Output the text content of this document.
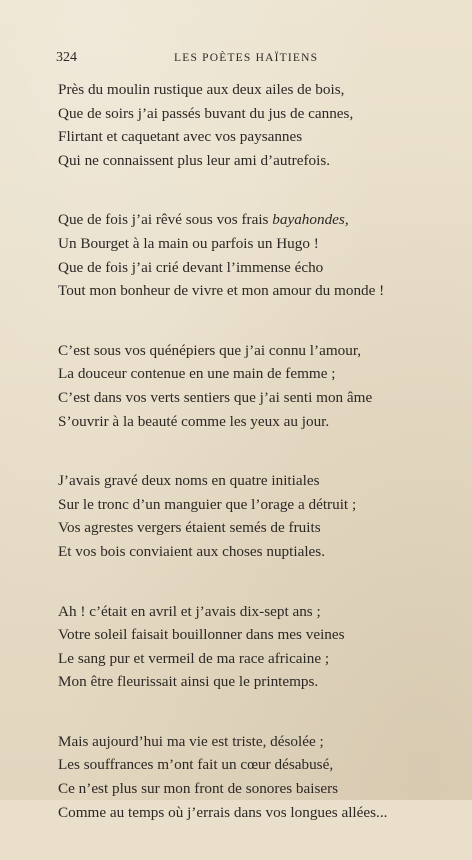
324	LES POÈTES HAÏTIENS
Près du moulin rustique aux deux ailes de bois,
Que de soirs j’ai passés buvant du jus de cannes,
Flirtant et caquetant avec vos paysannes
Qui ne connaissent plus leur ami d’autrefois.
Que de fois j’ai rêvé sous vos frais bayahondes,
Un Bourget à la main ou parfois un Hugo !
Que de fois j’ai crié devant l’immense écho
Tout mon bonheur de vivre et mon amour du monde !
C’est sous vos quénépiers que j’ai connu l’amour,
La douceur contenue en une main de femme ;
C’est dans vos verts sentiers que j’ai senti mon âme
S’ouvrir à la beauté comme les yeux au jour.
J’avais gravé deux noms en quatre initiales
Sur le tronc d’un manguier que l’orage a détruit ;
Vos agrestes vergers étaient semés de fruits
Et vos bois conviaient aux choses nuptiales.
Ah ! c’était en avril et j’avais dix-sept ans ;
Votre soleil faisait bouillonner dans mes veines
Le sang pur et vermeil de ma race africaine ;
Mon être fleurissait ainsi que le printemps.
Mais aujourd’hui ma vie est triste, désolée ;
Les souffrances m’ont fait un cœur désabusé,
Ce n’est plus sur mon front de sonores baisers
Comme au temps où j’errais dans vos longues allées...
